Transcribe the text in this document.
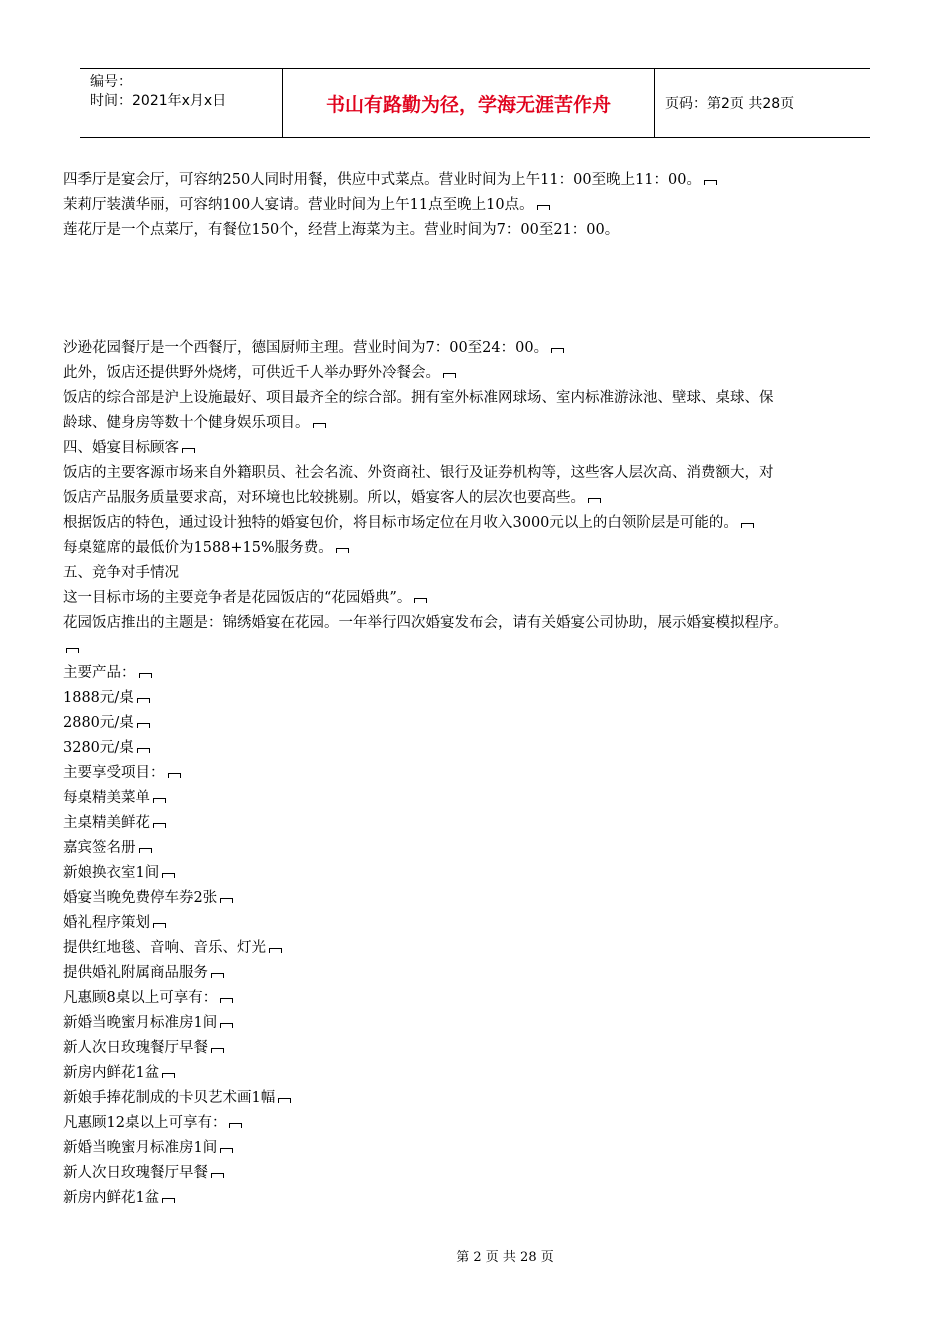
编号：
时间：2021年x月x日	书山有路勤为径，学海无涯苦作舟	页码：第2页 共28页
四季厅是宴会厅，可容纳250人同时用餐，供应中式菜点。营业时间为上午11：00至晚上11：00。
茉莉厅装潢华丽，可容纳100人宴请。营业时间为上午11点至晚上10点。
莲花厅是一个点菜厅，有餐位150个，经营上海菜为主。营业时间为7：00至21：00。
沙逊花园餐厅是一个西餐厅，德国厨师主理。营业时间为7：00至24：00。
此外，饭店还提供野外烧烤，可供近千人举办野外冷餐会。
饭店的综合部是沪上设施最好、项目最齐全的综合部。拥有室外标准网球场、室内标准游泳池、壁球、桌球、保
龄球、健身房等数十个健身娱乐项目。
四、婚宴目标顾客
饭店的主要客源市场来自外籍职员、社会名流、外资商社、银行及证券机构等，这些客人层次高、消费额大，对
饭店产品服务质量要求高，对环境也比较挑剔。所以，婚宴客人的层次也要高些。
根据饭店的特色，通过设计独特的婚宴包价，将目标市场定位在月收入3000元以上的白领阶层是可能的。
每桌筵席的最低价为1588+15%服务费。
五、竞争对手情况
这一目标市场的主要竞争者是花园饭店的“花园婚典”。
花园饭店推出的主题是：锦绣婚宴在花园。一年举行四次婚宴发布会，请有关婚宴公司协助，展示婚宴模拟程序。
主要产品：
1888元/桌
2880元/桌
3280元/桌
主要享受项目：
每桌精美菜单
主桌精美鲜花
嘉宾签名册
新娘换衣室1间
婚宴当晚免费停车券2张
婚礼程序策划
提供红地毯、音响、音乐、灯光
提供婚礼附属商品服务
凡惠顾8桌以上可享有：
新婚当晚蜜月标准房1间
新人次日玫瑰餐厅早餐
新房内鲜花1盆
新娘手捧花制成的卡贝艺术画1幅
凡惠顾12桌以上可享有：
新婚当晚蜜月标准房1间
新人次日玫瑰餐厅早餐
新房内鲜花1盆
第 2 页 共 28 页
